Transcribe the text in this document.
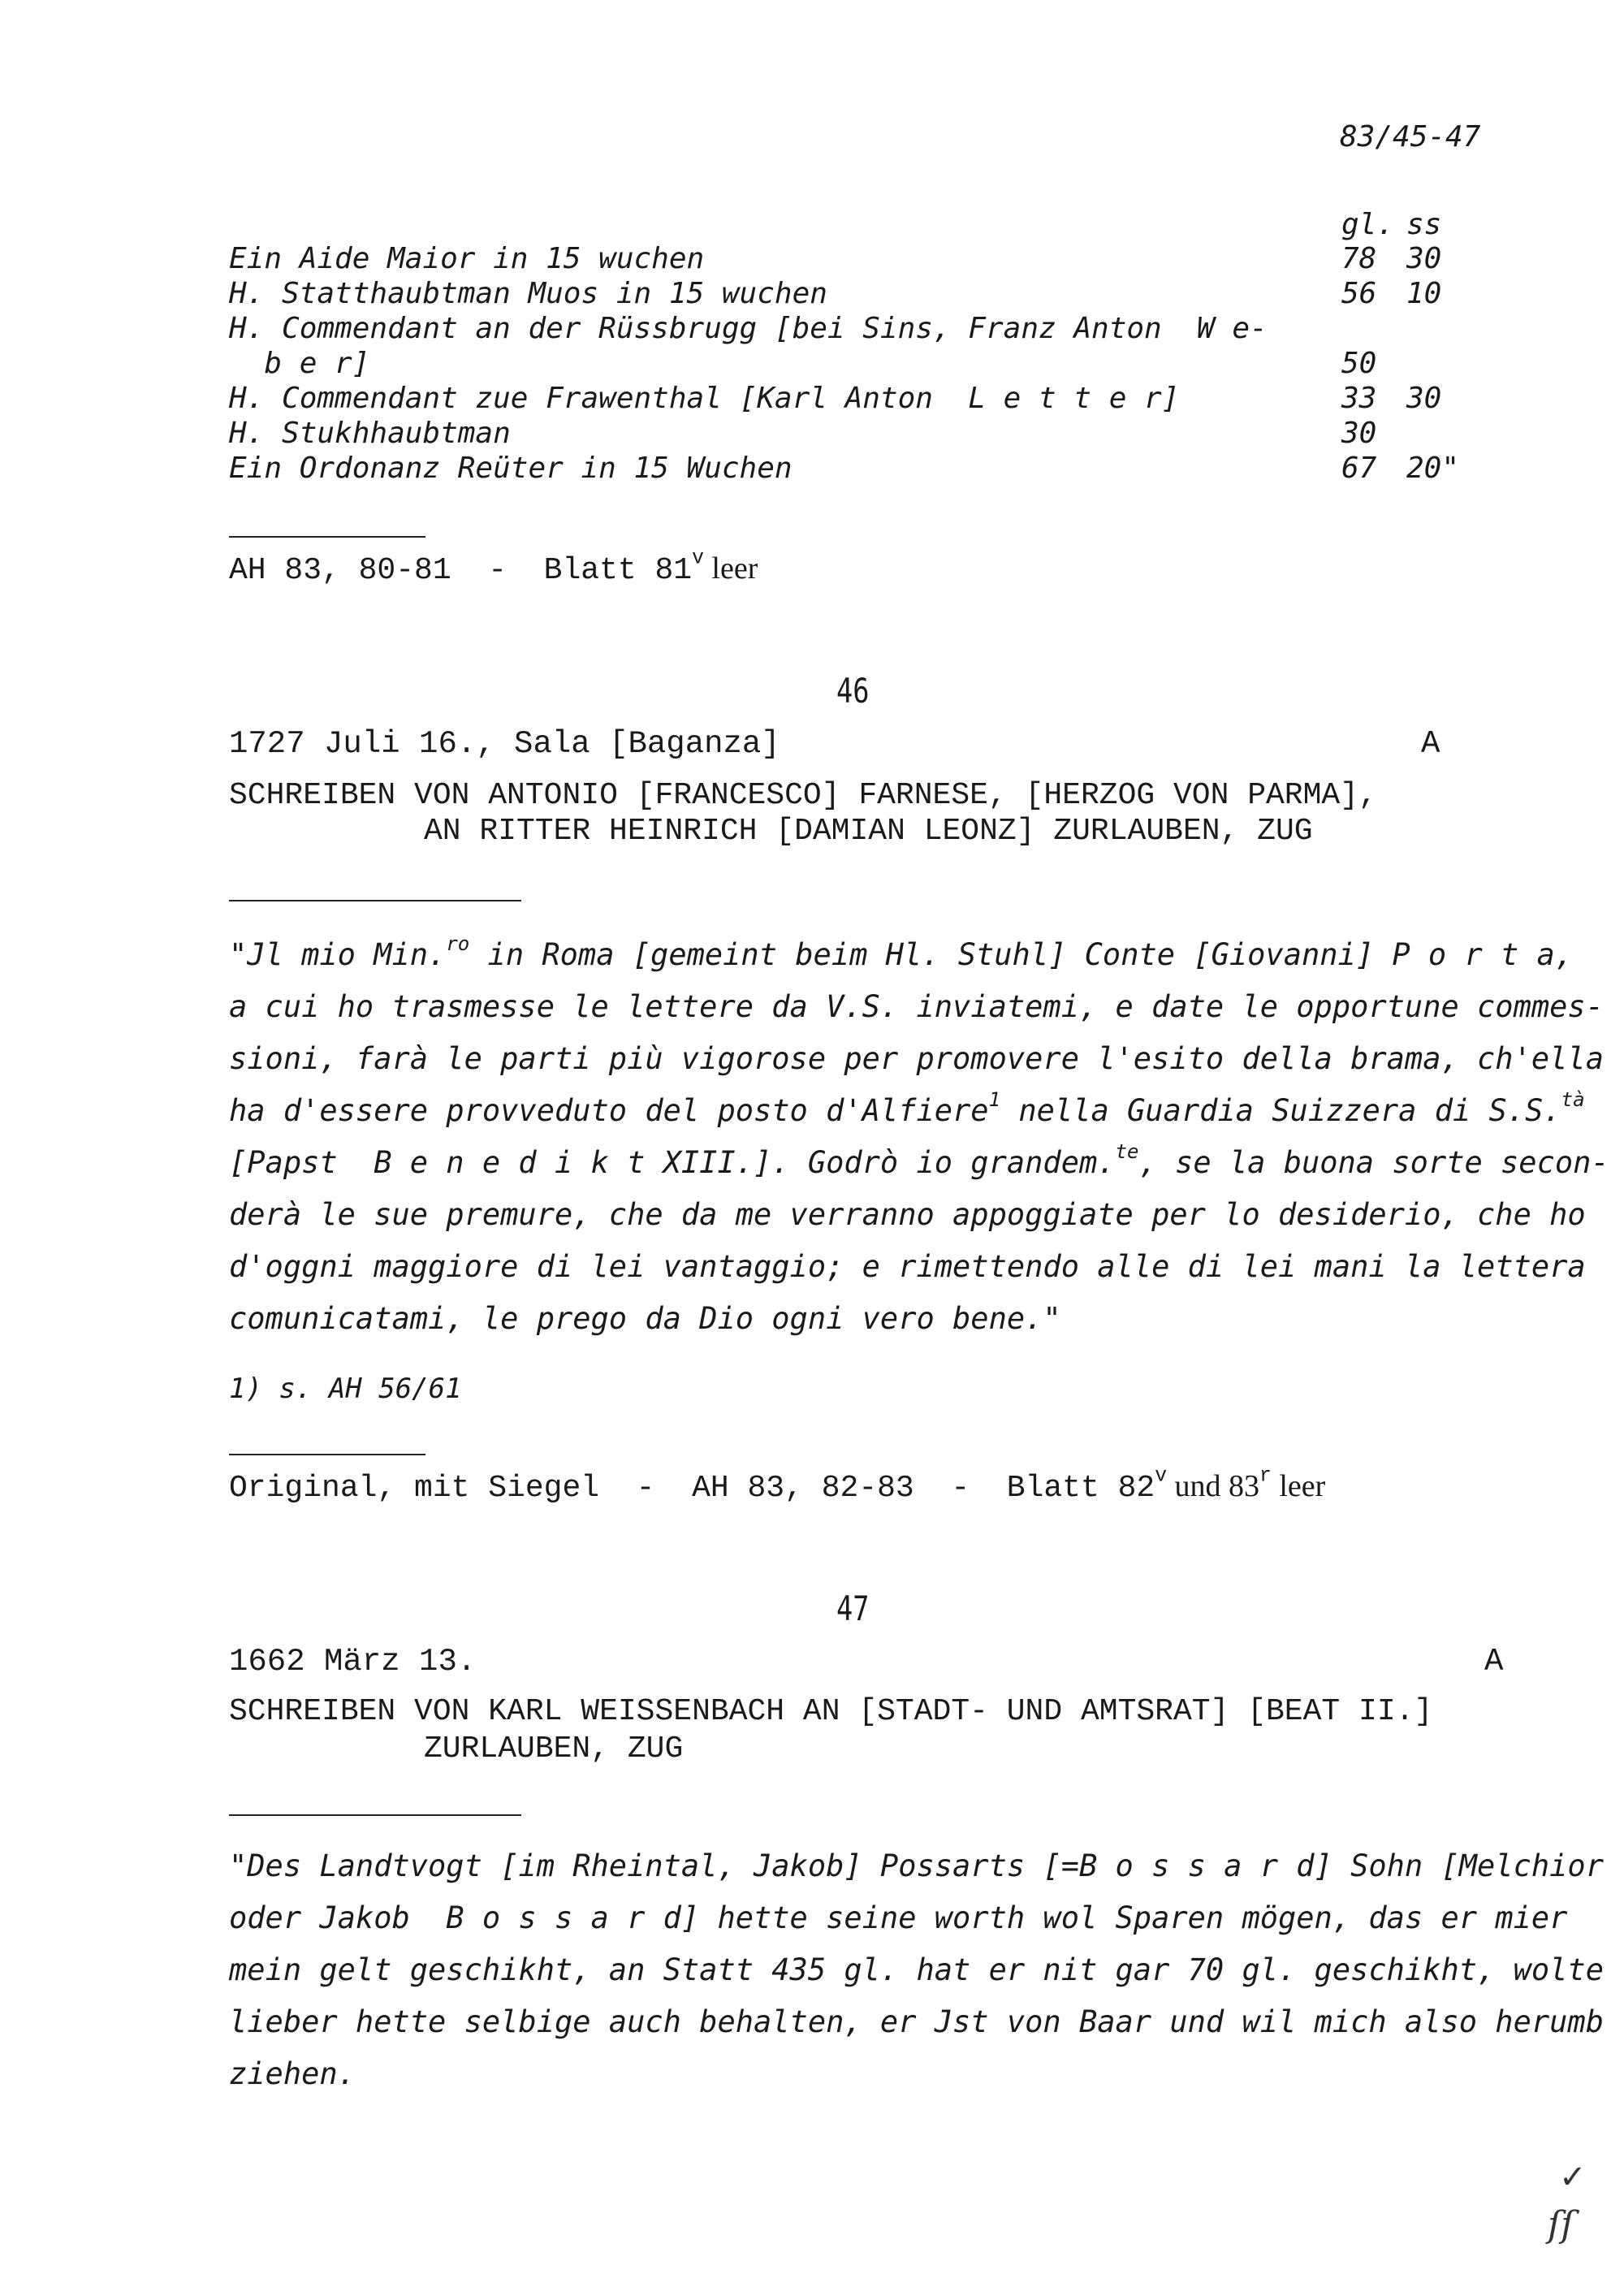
83/45-47
gl. ss
Ein Aide Maior in 15 wuchen	78 30
H. Statthaubtman Muos in 15 wuchen	56 10
H. Commendant an der Rüssbrugg [bei Sins, Franz Anton  W e-
b e r]	50
H. Commendant zue Frawenthal [Karl Anton  L e t t e r]	33 30
H. Stukhhaubtman	30
Ein Ordonanz Reüter in 15 Wuchen	67 20"
AH 83, 80-81  -  Blatt 81$^v$ leer
46
1727 Juli 16., Sala [Baganza]	A
SCHREIBEN VON ANTONIO [FRANCESCO] FARNESE, [HERZOG VON PARMA],
AN RITTER HEINRICH [DAMIAN LEONZ] ZURLAUBEN, ZUG
"Jl mio Min.$^{ro}$ in Roma [gemeint beim Hl. Stuhl] Conte [Giovanni] P o r t a,
a cui ho trasmesse le lettere da V.S. inviatemi, e date le opportune commes-
sioni, farà le parti più vigorose per promovere l'esito della brama, ch'ella
ha d'essere provveduto del posto d'Alfiere$^1$ nella Guardia Suizzera di S.S.$^{tà}$
[Papst  B e n e d i k t XIII.]. Godrò io grandem.$^{te}$, se la buona sorte secon-
derà le sue premure, che da me verranno appoggiate per lo desiderio, che ho
d'oggni maggiore di lei vantaggio; e rimettendo alle di lei mani la lettera
comunicatami, le prego da Dio ogni vero bene."
1) s. AH 56/61
Original, mit Siegel  -  AH 83, 82-83  -  Blatt 82$^v$ und 83$^r$ leer
47
1662 März 13.	A
SCHREIBEN VON KARL WEISSENBACH AN [STADT- UND AMTSRAT] [BEAT II.]
ZURLAUBEN, ZUG
"Des Landtvogt [im Rheintal, Jakob] Possarts [=B o s s a r d] Sohn [Melchior
oder Jakob  B o s s a r d] hette seine worth wol Sparen mögen, das er mier
mein gelt geschikht, an Statt 435 gl. hat er nit gar 70 gl. geschikht, wolte
lieber hette selbige auch behalten, er Jst von Baar und wil mich also herumb
ziehen.
✓
ſſ
